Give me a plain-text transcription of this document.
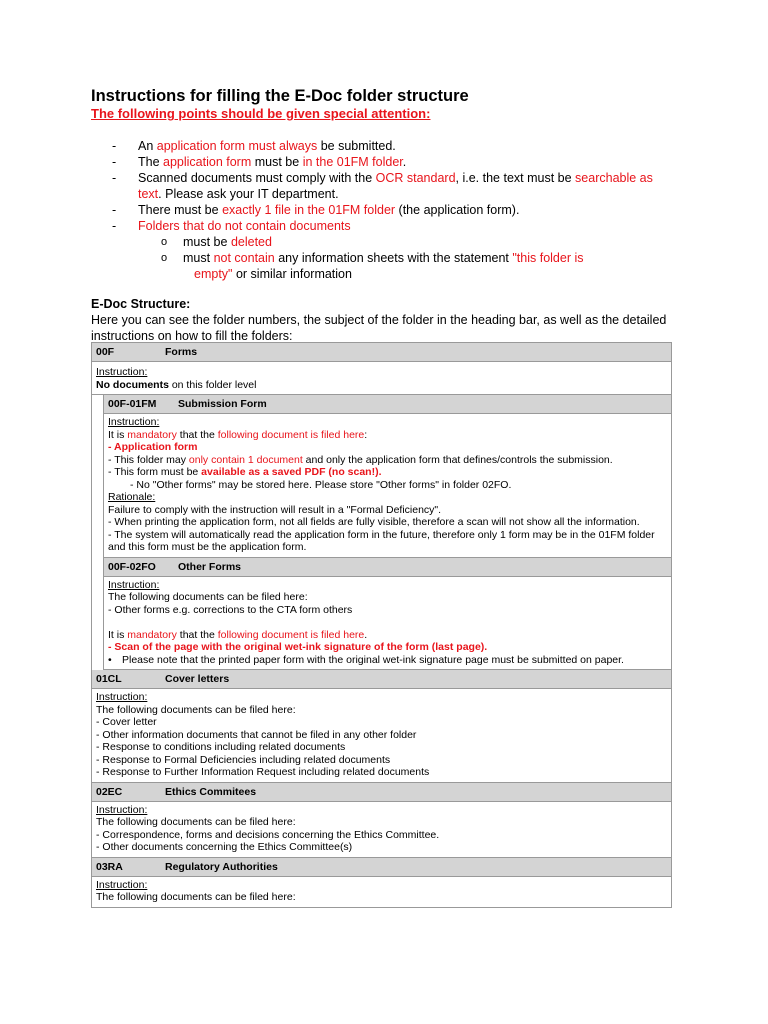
Instructions for filling the E-Doc folder structure
The following points should be given special attention:
- An application form must always be submitted.
- The application form must be in the 01FM folder.
- Scanned documents must comply with the OCR standard, i.e. the text must be searchable as text. Please ask your IT department.
- There must be exactly 1 file in the 01FM folder (the application form).
- Folders that do not contain documents
o must be deleted
o must not contain any information sheets with the statement "this folder is
empty" or similar information
E-Doc Structure:
Here you can see the folder numbers, the subject of the folder in the heading bar, as well as the detailed instructions on how to fill the folders:
00F	Forms
Instruction:
No documents on this folder level
00F-01FM Submission Form
Instruction:
It is mandatory that the following document is filed here:
- Application form
- This folder may only contain 1 document and only the application form that defines/controls the submission.
- This form must be available as a saved PDF (no scan!).
- No "Other forms" may be stored here. Please store "Other forms" in folder 02FO.
Rationale:
Failure to comply with the instruction will result in a "Formal Deficiency".
- When printing the application form, not all fields are fully visible, therefore a scan will not show all the information.
- The system will automatically read the application form in the future, therefore only 1 form may be in the 01FM folder and this form must be the application form.
00F-02FO Other Forms
Instruction:
The following documents can be filed here:
- Other forms e.g. corrections to the CTA form others
It is mandatory that the following document is filed here.
- Scan of the page with the original wet-ink signature of the form (last page).
• Please note that the printed paper form with the original wet-ink signature page must be submitted on paper.
01CL	Cover letters
Instruction:
The following documents can be filed here:
- Cover letter
- Other information documents that cannot be filed in any other folder
- Response to conditions including related documents
- Response to Formal Deficiencies including related documents
- Response to Further Information Request including related documents
02EC	Ethics Commitees
Instruction:
The following documents can be filed here:
- Correspondence, forms and decisions concerning the Ethics Committee.
- Other documents concerning the Ethics Committee(s)
03RA	Regulatory Authorities
Instruction:
The following documents can be filed here:
